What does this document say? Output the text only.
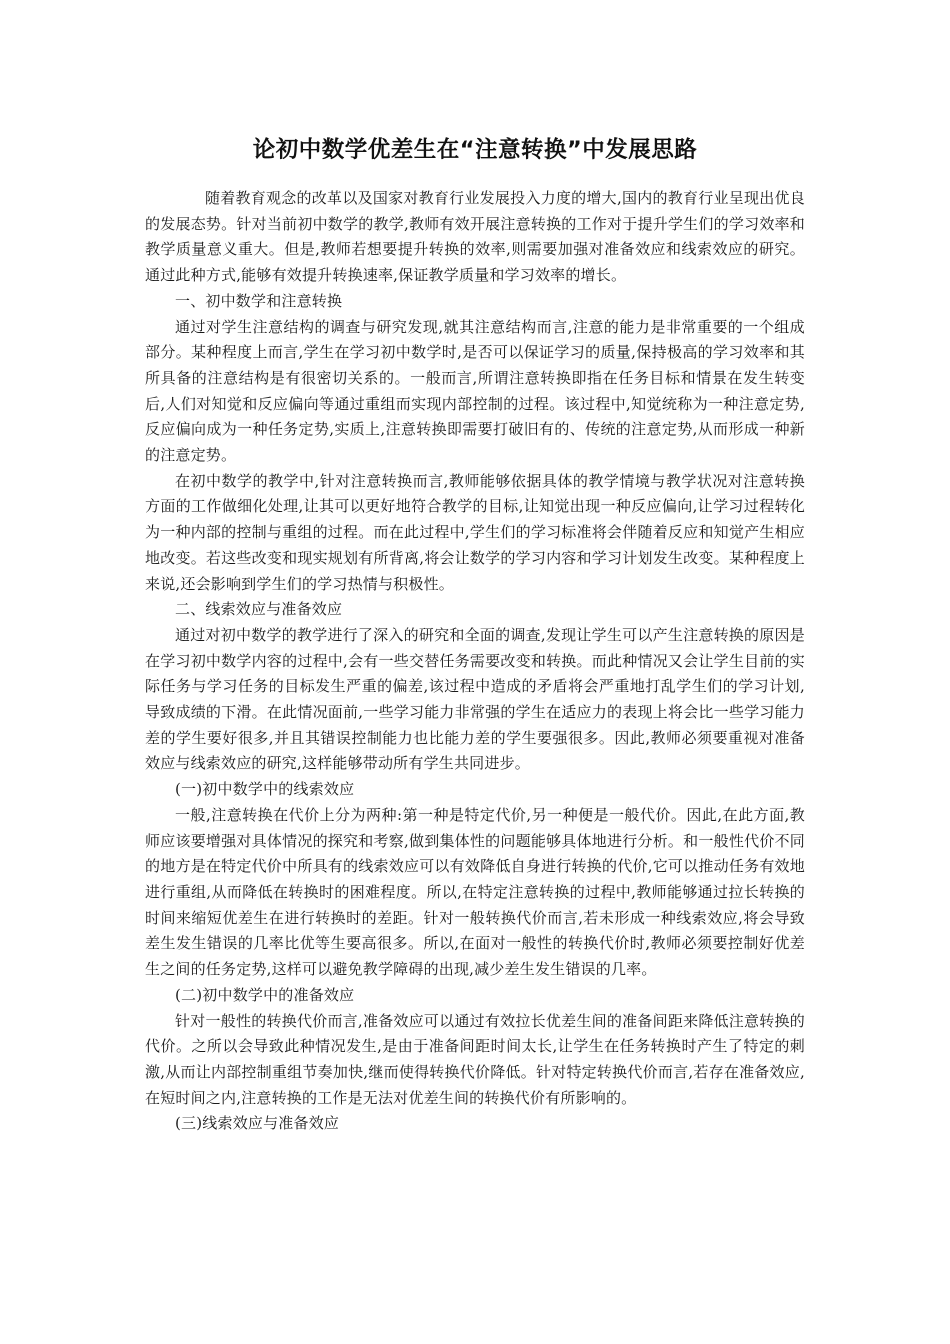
论初中数学优差生在“注意转换”中发展思路

随着教育观念的改革以及国家对教育行业发展投入力度的增大,国内的教育行业呈现出优良的发展态势。针对当前初中数学的教学,教师有效开展注意转换的工作对于提升学生们的学习效率和教学质量意义重大。但是,教师若想要提升转换的效率,则需要加强对准备效应和线索效应的研究。通过此种方式,能够有效提升转换速率,保证教学质量和学习效率的增长。

一、初中数学和注意转换

通过对学生注意结构的调查与研究发现,就其注意结构而言,注意的能力是非常重要的一个组成部分。某种程度上而言,学生在学习初中数学时,是否可以保证学习的质量,保持极高的学习效率和其所具备的注意结构是有很密切关系的。一般而言,所谓注意转换即指在任务目标和情景在发生转变后,人们对知觉和反应偏向等通过重组而实现内部控制的过程。该过程中,知觉统称为一种注意定势,反应偏向成为一种任务定势,实质上,注意转换即需要打破旧有的、传统的注意定势,从而形成一种新的注意定势。

在初中数学的教学中,针对注意转换而言,教师能够依据具体的教学情境与教学状况对注意转换方面的工作做细化处理,让其可以更好地符合教学的目标,让知觉出现一种反应偏向,让学习过程转化为一种内部的控制与重组的过程。而在此过程中,学生们的学习标准将会伴随着反应和知觉产生相应地改变。若这些改变和现实规划有所背离,将会让数学的学习内容和学习计划发生改变。某种程度上来说,还会影响到学生们的学习热情与积极性。

二、线索效应与准备效应

通过对初中数学的教学进行了深入的研究和全面的调查,发现让学生可以产生注意转换的原因是在学习初中数学内容的过程中,会有一些交替任务需要改变和转换。而此种情况又会让学生目前的实际任务与学习任务的目标发生严重的偏差,该过程中造成的矛盾将会严重地打乱学生们的学习计划,导致成绩的下滑。在此情况面前,一些学习能力非常强的学生在适应力的表现上将会比一些学习能力差的学生要好很多,并且其错误控制能力也比能力差的学生要强很多。因此,教师必须要重视对准备效应与线索效应的研究,这样能够带动所有学生共同进步。

(一)初中数学中的线索效应

一般,注意转换在代价上分为两种:第一种是特定代价,另一种便是一般代价。因此,在此方面,教师应该要增强对具体情况的探究和考察,做到集体性的问题能够具体地进行分析。和一般性代价不同的地方是在特定代价中所具有的线索效应可以有效降低自身进行转换的代价,它可以推动任务有效地进行重组,从而降低在转换时的困难程度。所以,在特定注意转换的过程中,教师能够通过拉长转换的时间来缩短优差生在进行转换时的差距。针对一般转换代价而言,若未形成一种线索效应,将会导致差生发生错误的几率比优等生要高很多。所以,在面对一般性的转换代价时,教师必须要控制好优差生之间的任务定势,这样可以避免教学障碍的出现,减少差生发生错误的几率。

(二)初中数学中的准备效应

针对一般性的转换代价而言,准备效应可以通过有效拉长优差生间的准备间距来降低注意转换的代价。之所以会导致此种情况发生,是由于准备间距时间太长,让学生在任务转换时产生了特定的刺激,从而让内部控制重组节奏加快,继而使得转换代价降低。针对特定转换代价而言,若存在准备效应,在短时间之内,注意转换的工作是无法对优差生间的转换代价有所影响的。

(三)线索效应与准备效应
